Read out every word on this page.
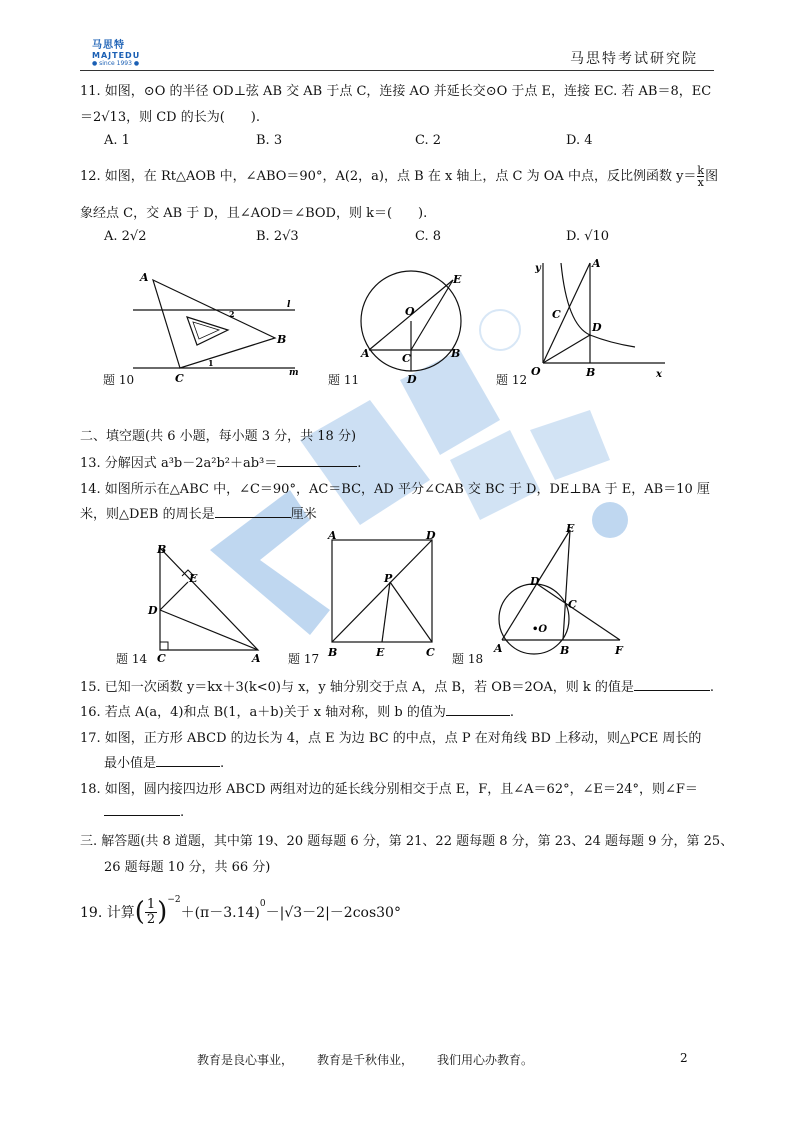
马思特
MAJTEDU
● since 1993 ●	马思特考试研究院
11. 如图，⊙O 的半径 OD⊥弦 AB 交 AB 于点 C，连接 AO 并延长交⊙O 于点 E，连接 EC. 若 AB＝8，EC
＝2√13，则 CD 的长为(　　).
A. 1	B. 3	C. 2	D. 4
12. 如图，在 Rt△AOB 中，∠ABO＝90°，A(2，a)，点 B 在 x 轴上，点 C 为 OA 中点，反比例函数 $y= \frac{k}{x}$ 图
象经点 C，交 AB 于 D，且∠AOD＝∠BOD，则 k＝(　　).
A. 2√2	B. 2√3	C. 8	D. √10
A
B
C
l
m
1
2
E
O
A	C	B
D
y	A
C
D
O	B	x
题 10	题 11	题 12
二、填空题(共 6 小题，每小题 3 分，共 18 分)
13. 分解因式 a³b－2a²b²＋ab³＝	.
14. 如图所示在△ABC 中，∠C＝90°，AC＝BC，AD 平分∠CAB 交 BC 于 D，DE⊥BA 于 E，AB＝10 厘
米，则△DEB 的周长是	厘米
B
E
D
C	A
A	D
P
B	E	C
E
D
C
•O
A	B	F
题 14	题 17	题 18
15. 已知一次函数 y＝kx＋3(k<0)与 x，y 轴分别交于点 A，点 B，若 OB＝2OA，则 k 的值是	.
16. 若点 A(a，4)和点 B(1，a＋b)关于 x 轴对称，则 b 的值为	.
17. 如图，正方形 ABCD 的边长为 4，点 E 为边 BC 的中点，点 P 在对角线 BD 上移动，则△PCE 周长的
最小值是	.
18. 如图，圆内接四边形 ABCD 两组对边的延长线分别相交于点 E，F，且∠A＝62°，∠E＝24°，则∠F＝
.
三. 解答题(共 8 道题，其中第 19、20 题每题 6 分，第 21、22 题每题 8 分，第 23、24 题每题 9 分，第 25、
26 题每题 10 分，共 66 分)
19. 计算( $\frac{1}{2} )^{-2}+(\pi-3.14)^0-|√3-2|-2\cos 30^\circ$
教育是良心事业， 教育是千秋伟业， 我们用心办教育。	2
